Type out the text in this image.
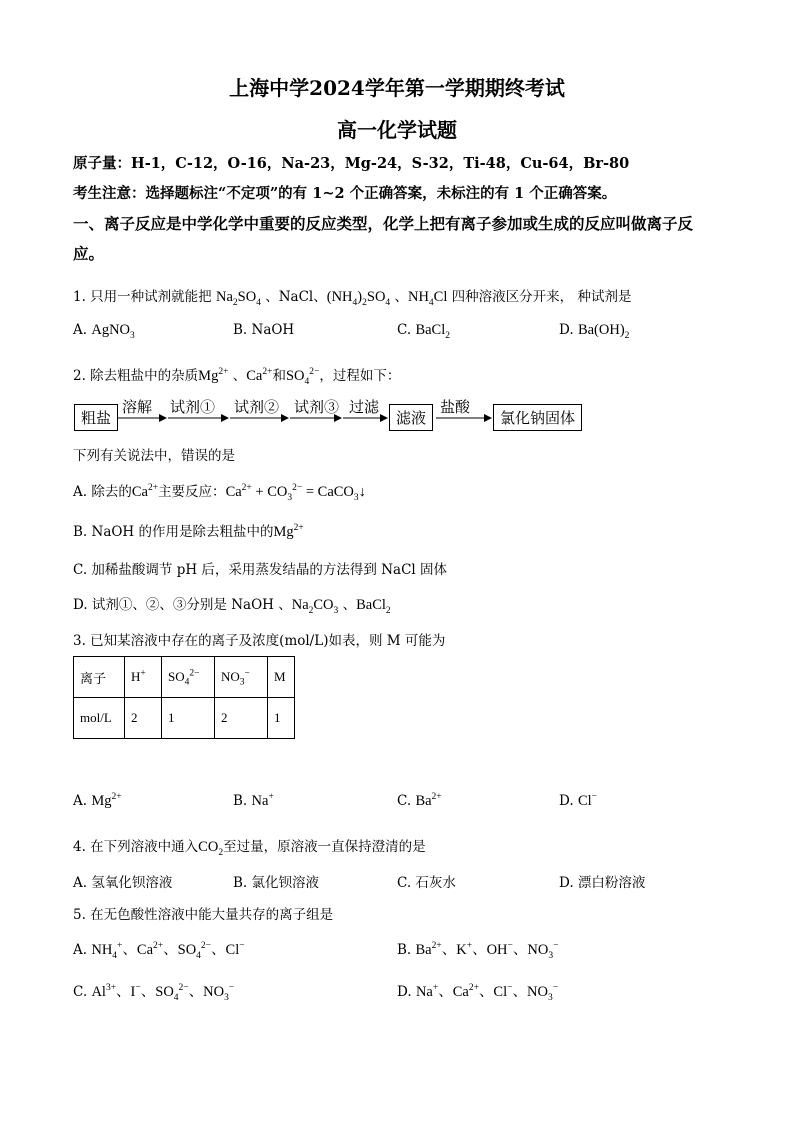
上海中学2024学年第一学期期终考试
高一化学试题
原子量：H-1，C-12，O-16，Na-23，Mg-24，S-32，Ti-48，Cu-64，Br-80
考生注意：选择题标注“不定项”的有 1~2 个正确答案，未标注的有 1 个正确答案。
一、离子反应是中学化学中重要的反应类型，化学上把有离子参加或生成的反应叫做离子反
应。
1. 只用一种试剂就能把 $Na_2SO_4$ 、NaCl、$(NH_4)_2SO_4$ 、$NH_4Cl$ 四种溶液区分开来， 种试剂是
A. AgNO$_3$	B. NaOH	C. BaCl$_2$	D. $Ba(OH)_2$
2. 除去粗盐中的杂质$Mg^{2+}$ 、$Ca^{2+}$和$SO_4^{2-}$，过程如下：
粗盐
溶解 试剂① 试剂② 试剂③ 过滤
滤液
盐酸
氯化钠固体
下列有关说法中，错误的是
A. 除去的$Ca^{2+}$主要反应：$Ca^{2+} + CO_3^{2-}$ = CaCO$_3$↓
B. NaOH 的作用是除去粗盐中的$Mg^{2+}$
C. 加稀盐酸调节 pH 后，采用蒸发结晶的方法得到 NaCl 固体
D. 试剂①、②、③分别是 NaOH 、$Na_2CO_3$ 、BaCl$_2$
3. 已知某溶液中存在的离子及浓度(mol/L)如表，则 M 可能为
离子	H+	$SO_4^{2-}$	$NO_3^-$	M
mol/L	2	1	2	1
A. $Mg^{2+}$	B. Na+	C. $Ba^{2+}$	D. Cl−
4. 在下列溶液中通入$CO_2$至过量，原溶液一直保持澄清的是
A. 氢氧化钡溶液	B. 氯化钡溶液	C. 石灰水	D. 漂白粉溶液
5. 在无色酸性溶液中能大量共存的离子组是
A. $NH_4^+$、$Ca^{2+}$、$SO_4^{2-}$、Cl−	B. $Ba^{2+}$、K+、OH−、$NO_3^-$
C. $Al^{3+}$、I−、$SO_4^{2-}$、$NO_3^-$	D. Na+、$Ca^{2+}$、Cl−、$NO_3^-$
